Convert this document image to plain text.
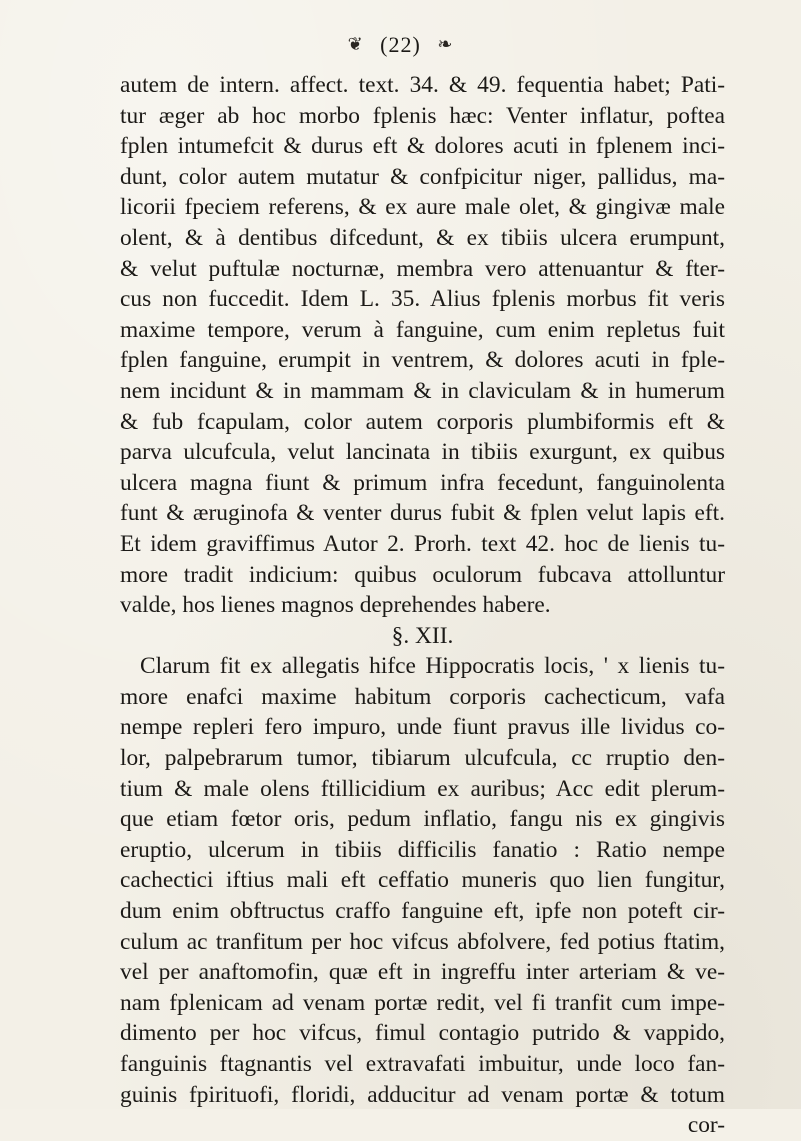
❦ (22) ❧
autem de intern. affect. text. 34. & 49. fequentia habet; Pati-
tur æger ab hoc morbo fplenis hæc: Venter inflatur, poftea
fplen intumefcit & durus eft & dolores acuti in fplenem inci-
dunt, color autem mutatur & confpicitur niger, pallidus, ma-
licorii fpeciem referens, & ex aure male olet, & gingivæ male
olent, & à dentibus difcedunt, & ex tibiis ulcera erumpunt,
& velut puftulæ nocturnæ, membra vero attenuantur & fter-
cus non fuccedit. Idem L. 35. Alius fplenis morbus fit veris
maxime tempore, verum à fanguine, cum enim repletus fuit
fplen fanguine, erumpit in ventrem, & dolores acuti in fple-
nem incidunt & in mammam & in claviculam & in humerum
& fub fcapulam, color autem corporis plumbiformis eft &
parva ulcufcula, velut lancinata in tibiis exurgunt, ex quibus
ulcera magna fiunt & primum infra fecedunt, fanguinolenta
funt & æruginofa & venter durus fubit & fplen velut lapis eft.
Et idem graviffimus Autor 2. Prorh. text 42. hoc de lienis tu-
more tradit indicium: quibus oculorum fubcava attolluntur
valde, hos lienes magnos deprehendes habere.
§. XII.
Clarum fit ex allegatis hifce Hippocratis locis, ' x lienis tu-
more enafci maxime habitum corporis cachecticum, vafa
nempe repleri fero impuro, unde fiunt pravus ille lividus co-
lor, palpebrarum tumor, tibiarum ulcufcula, cc rruptio den-
tium & male olens ftillicidium ex auribus; Acc edit plerum-
que etiam fœtor oris, pedum inflatio, fangu nis ex gingivis
eruptio, ulcerum in tibiis difficilis fanatio : Ratio nempe
cachectici iftius mali eft ceffatio muneris quo lien fungitur,
dum enim obftructus craffo fanguine eft, ipfe non poteft cir-
culum ac tranfitum per hoc vifcus abfolvere, fed potius ftatim,
vel per anaftomofin, quæ eft in ingreffu inter arteriam & ve-
nam fplenicam ad venam portæ redit, vel fi tranfit cum impe-
dimento per hoc vifcus, fimul contagio putrido & vappido,
fanguinis ftagnantis vel extravafati imbuitur, unde loco fan-
guinis fpirituofi, floridi, adducitur ad venam portæ & totum
cor-
